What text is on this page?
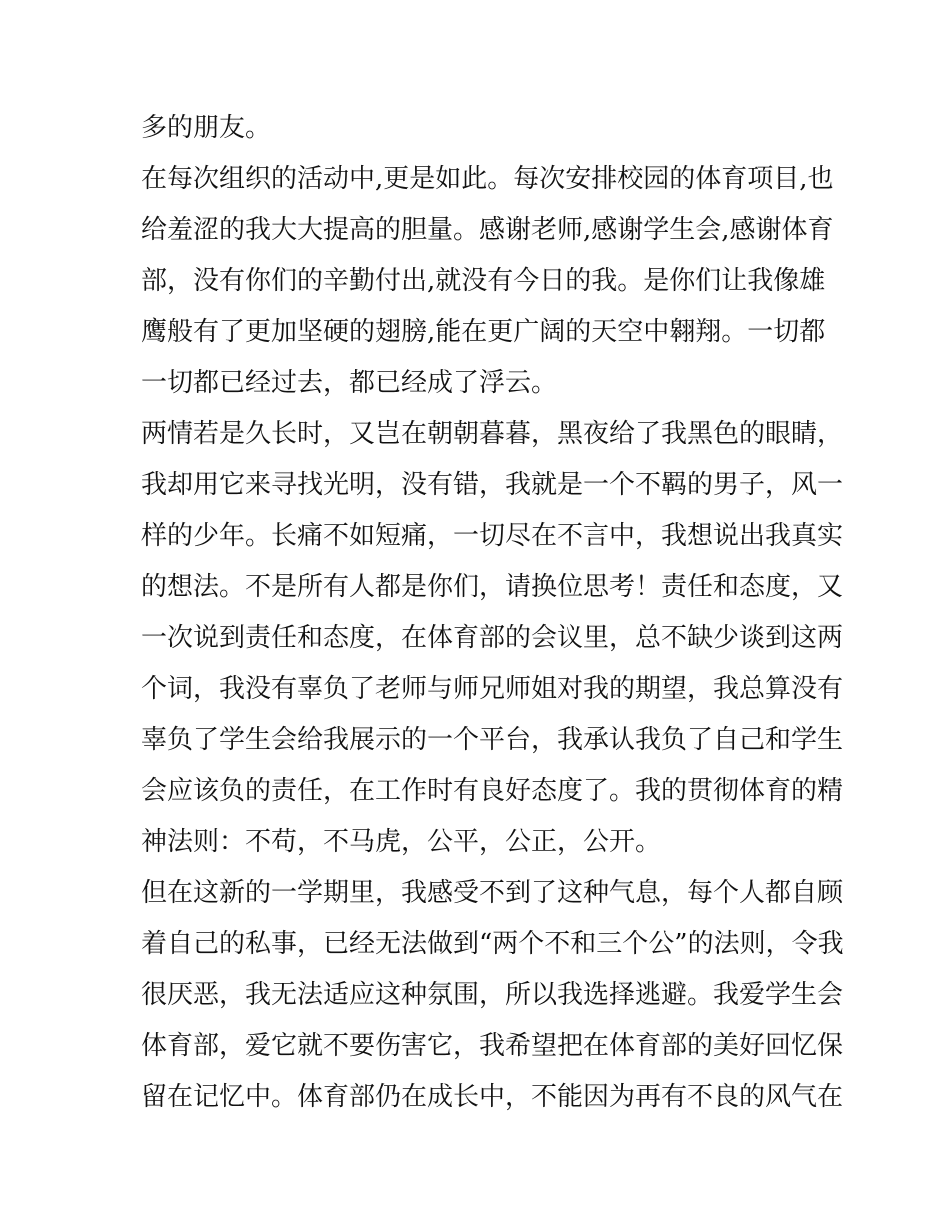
多的朋友。
在每次组织的活动中,更是如此。每次安排校园的体育项目,也
给羞涩的我大大提高的胆量。感谢老师,感谢学生会,感谢体育
部，没有你们的辛勤付出,就没有今日的我。是你们让我像雄
鹰般有了更加坚硬的翅膀,能在更广阔的天空中翱翔。一切都
一切都已经过去，都已经成了浮云。
两情若是久长时，又岂在朝朝暮暮，黑夜给了我黑色的眼睛，
我却用它来寻找光明，没有错，我就是一个不羁的男子，风一
样的少年。长痛不如短痛，一切尽在不言中，我想说出我真实
的想法。不是所有人都是你们，请换位思考！责任和态度，又
一次说到责任和态度，在体育部的会议里，总不缺少谈到这两
个词，我没有辜负了老师与师兄师姐对我的期望，我总算没有
辜负了学生会给我展示的一个平台，我承认我负了自己和学生
会应该负的责任，在工作时有良好态度了。我的贯彻体育的精
神法则：不苟，不马虎，公平，公正，公开。
但在这新的一学期里，我感受不到了这种气息，每个人都自顾
着自己的私事，已经无法做到“两个不和三个公”的法则，令我
很厌恶，我无法适应这种氛围，所以我选择逃避。我爱学生会
体育部，爱它就不要伤害它，我希望把在体育部的美好回忆保
留在记忆中。体育部仍在成长中，不能因为再有不良的风气在
